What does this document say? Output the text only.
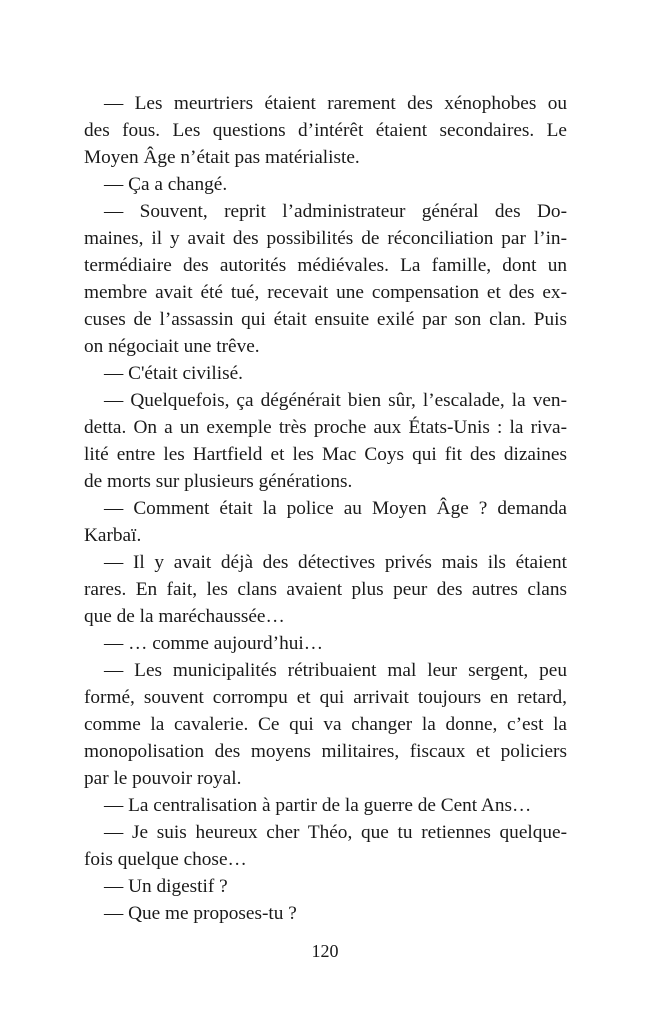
— Les meurtriers étaient rarement des xénophobes ou
des fous. Les questions d’intérêt étaient secondaires. Le
Moyen Âge n’était pas matérialiste.
— Ça a changé.
— Souvent, reprit l’administrateur général des Do-
maines, il y avait des possibilités de réconciliation par l’in-
termédiaire des autorités médiévales. La famille, dont un
membre avait été tué, recevait une compensation et des ex-
cuses de l’assassin qui était ensuite exilé par son clan. Puis
on négociait une trêve.
— C'était civilisé.
— Quelquefois, ça dégénérait bien sûr, l’escalade, la ven-
detta. On a un exemple très proche aux États-Unis : la riva-
lité entre les Hartfield et les Mac Coys qui fit des dizaines
de morts sur plusieurs générations.
— Comment était la police au Moyen Âge ? demanda
Karbaï.
— Il y avait déjà des détectives privés mais ils étaient
rares. En fait, les clans avaient plus peur des autres clans
que de la maréchaussée…
— … comme aujourd’hui…
— Les municipalités rétribuaient mal leur sergent, peu
formé, souvent corrompu et qui arrivait toujours en retard,
comme la cavalerie. Ce qui va changer la donne, c’est la
monopolisation des moyens militaires, fiscaux et policiers
par le pouvoir royal.
— La centralisation à partir de la guerre de Cent Ans…
— Je suis heureux cher Théo, que tu retiennes quelque-
fois quelque chose…
— Un digestif ?
— Que me proposes-tu ?
120
